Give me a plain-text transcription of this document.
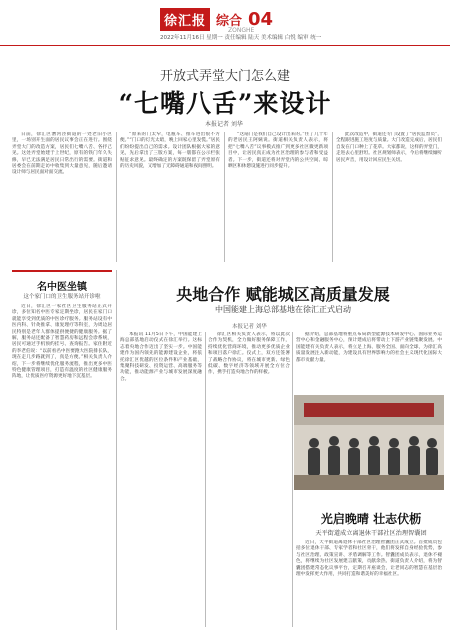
徐汇报 综合 04
ZONGHE
2022年11月16日 星期一 责任编辑 陆天 美术编辑 白悦 编审 统一
开放式弄堂大门怎么建
“七嘴八舌”来设计
本报记者 刘华

日前，徐汇区漕河泾街道的一处老旧小区里，一场别开生面的居民议事会正在进行。围绕弄堂大门的改造方案，居民们七嘴八舌、各抒己见。这处弄堂始建于上世纪，原有的铁门年久失修，早已无法满足居民日常出行的需要。街道和居委会在前期走访中收集到大量意见，随后邀请设计师与居民面对面交流。

“原来的门太窄，电瓶车、推车进出很不方便。”“门口的灯光太暗，晚上回家心里发慌。”居民们纷纷提出自己的需求。设计团队根据大家的意见，先后拿出了三版方案，每一版都在公示栏张贴征求意见。最终确定的方案既保留了弄堂原有的历史风貌，又增加了无障碍通道和夜间照明。

“这扇门是我们自己设计出来的。”住了几十年的老居民王阿姨说。街道相关负责人表示，将把“七嘴八舌”议事模式推广到更多社区微更新项目中，让居民真正成为社区治理的参与者和受益者。下一步，街道还将对弄堂内的公共空间、晾晒区和休憩设施进行同步提升。

此次改造中，街道还专门设置了“居民监督员”，全程跟进施工进度与质量。大门改造完成后，居民们自发在门口种上了花草。大家都说，这样的弄堂门，走进去心里舒坦。社区规划师表示，今后将继续倾听居民声音，用设计回应民生关切。

名中医坐镇
这个家门口的卫生服务站开诊啦

近日，徐汇区一家社区卫生服务站正式开诊，多位知名中医专家定期坐诊，居民在家门口就能享受到优质的中医诊疗服务。服务站设有中医内科、针灸推拿、康复理疗等科室，为周边居民特别是老年人群体提供便捷的健康服务。据了解，服务站还配备了智慧药房和远程会诊系统，居民可通过手机预约挂号、查询报告。家住附近的李老伯说：“以前看名中医要跑大医院排长队，现在走几步路就到了，真是方便。”相关负责人介绍，下一步将继续优化服务流程，推出更多中医特色健康管理项目，打造有温度的社区健康服务阵地，让优质医疗资源更好地下沉基层。

央地合作 赋能城区高质量发展
中国能建上海总部基地在徐汇正式启动
本报记者 刘华

本报讯 11月5日下午，中国能建上海总部基地启动仪式在徐汇举行。这标志着央地合作迈出了坚实一步。中国能建作为国内领先的能源建设企业，将依托徐汇区优越的区位条件和产业基础，集聚科技研发、投资运营、高端服务等功能，推动能源产业与城市发展深度融合。

徐汇区相关负责人表示，将以此次合作为契机，全力做好服务保障工作，持续优化营商环境，推动更多优质企业和项目落户徐汇。仪式上，双方还签署了战略合作协议，将在城市更新、绿色低碳、数字经济等领域开展全方位合作，携手打造央地合作的样板。

据介绍，总部基地将重点布局新型能源技术研发中心、国际业务运营中心和金融服务中心，预计建成后将带动上下游产业链集聚发展。中国能建有关负责人表示，将立足上海、服务全国、面向全球，为徐汇高质量发展注入新动能，为建设具有世界影响力的社会主义现代化国际大都市贡献力量。

光启晚晴 壮志伏枥
天平街道成立离退休干部社区治理智囊团

近日，天平街道离退休干部社区治理智囊团正式成立。首批成员包括多位退休干部、专家学者和社区骨干，他们将发挥自身经验优势，参与社区治理、政策宣讲、矛盾调解等工作。智囊团成员表示，退休不褪色，将继续为社区发展建言献策，贡献余热。街道负责人介绍，将为智囊团搭建常态化议事平台，定期召开座谈会，让老同志的智慧在基层治理中发挥更大作用，共同打造和谐美好的幸福社区。
